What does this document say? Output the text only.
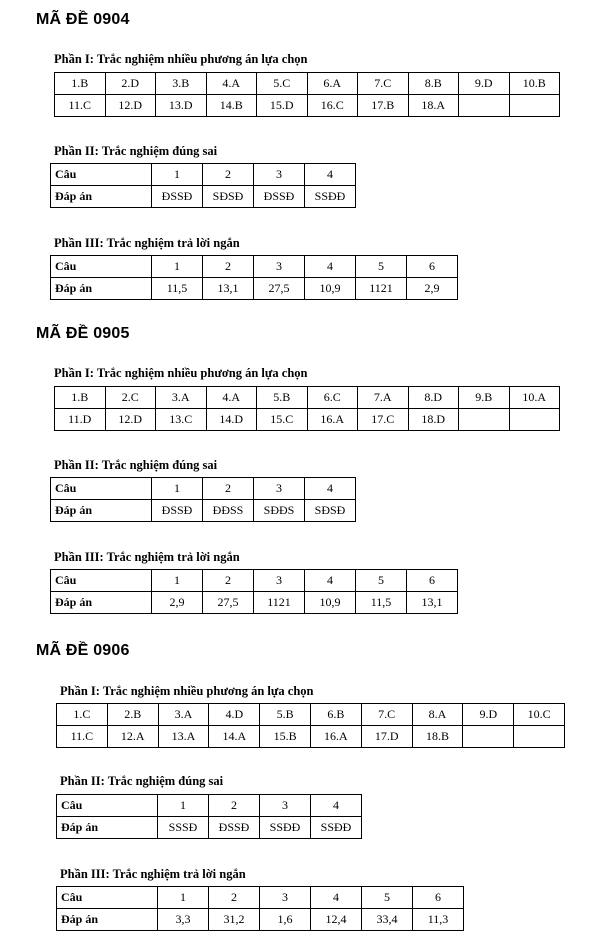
MÃ ĐỀ 0904
Phần I: Trắc nghiệm nhiều phương án lựa chọn
1.B	2.D	3.B	4.A	5.C	6.A	7.C	8.B	9.D	10.B
11.C	12.D	13.D	14.B	15.D	16.C	17.B	18.A		
Phần II: Trắc nghiệm đúng sai
Câu	1	2	3	4
Đáp án	ĐSSĐ	SĐSĐ	ĐSSĐ	SSĐĐ
Phần III: Trắc nghiệm trả lời ngắn
Câu	1	2	3	4	5	6
Đáp án	11,5	13,1	27,5	10,9	1121	2,9
MÃ ĐỀ 0905
Phần I: Trắc nghiệm nhiều phương án lựa chọn
1.B	2.C	3.A	4.A	5.B	6.C	7.A	8.D	9.B	10.A
11.D	12.D	13.C	14.D	15.C	16.A	17.C	18.D		
Phần II: Trắc nghiệm đúng sai
Câu	1	2	3	4
Đáp án	ĐSSĐ	ĐĐSS	SĐĐS	SĐSĐ
Phần III: Trắc nghiệm trả lời ngắn
Câu	1	2	3	4	5	6
Đáp án	2,9	27,5	1121	10,9	11,5	13,1
MÃ ĐỀ 0906
Phần I: Trắc nghiệm nhiều phương án lựa chọn
1.C	2.B	3.A	4.D	5.B	6.B	7.C	8.A	9.D	10.C
11.C	12.A	13.A	14.A	15.B	16.A	17.D	18.B		
Phần II: Trắc nghiệm đúng sai
Câu	1	2	3	4
Đáp án	SSSĐ	ĐSSĐ	SSĐĐ	SSĐĐ
Phần III: Trắc nghiệm trả lời ngắn
Câu	1	2	3	4	5	6
Đáp án	3,3	31,2	1,6	12,4	33,4	11,3
